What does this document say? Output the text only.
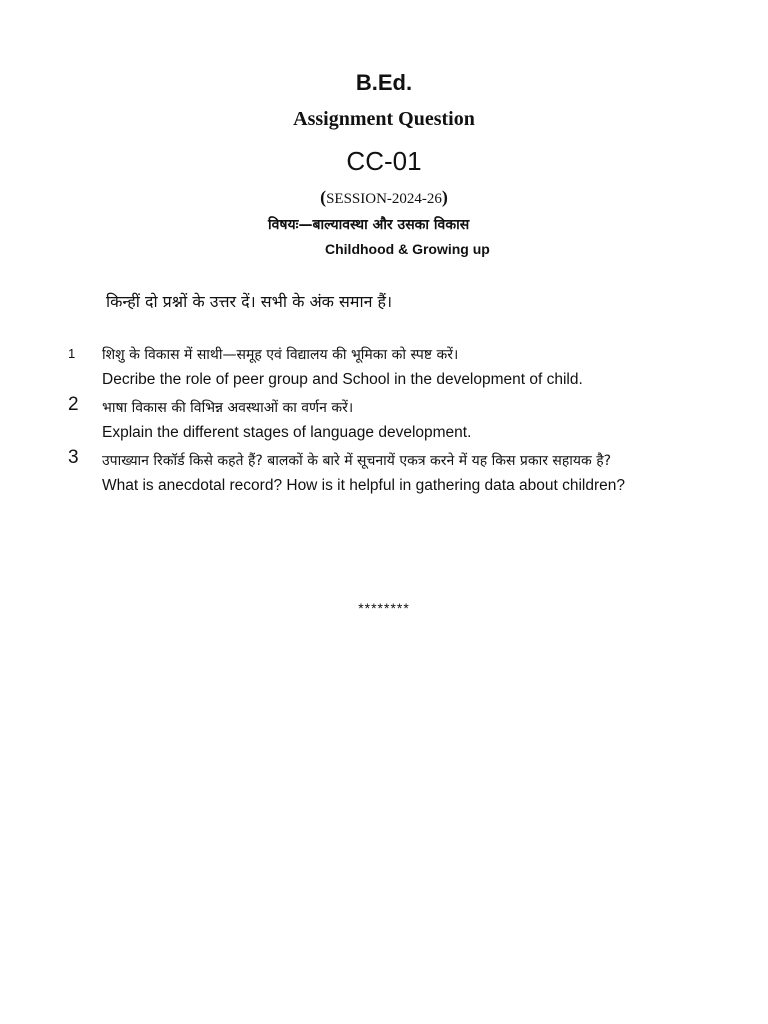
B.Ed.
Assignment Question
CC-01
(SESSION-2024-26)
विषयः—बाल्यावस्था और उसका विकास
Childhood & Growing up
किन्हीं दो प्रश्नों के उत्तर दें। सभी के अंक समान हैं।
1 शिशु के विकास में साथी—समूह एवं विद्यालय की भूमिका को स्पष्ट करें।
Decribe the role of peer group and School in the development of child.
2 भाषा विकास की विभिन्न अवस्थाओं का वर्णन करें।
Explain the different stages of language development.
3 उपाख्यान रिकॉर्ड किसे कहते हैं? बालकों के बारे में सूचनायें एकत्र करने में यह किस प्रकार सहायक है?
What is anecdotal record? How is it helpful in gathering data about children?
********
